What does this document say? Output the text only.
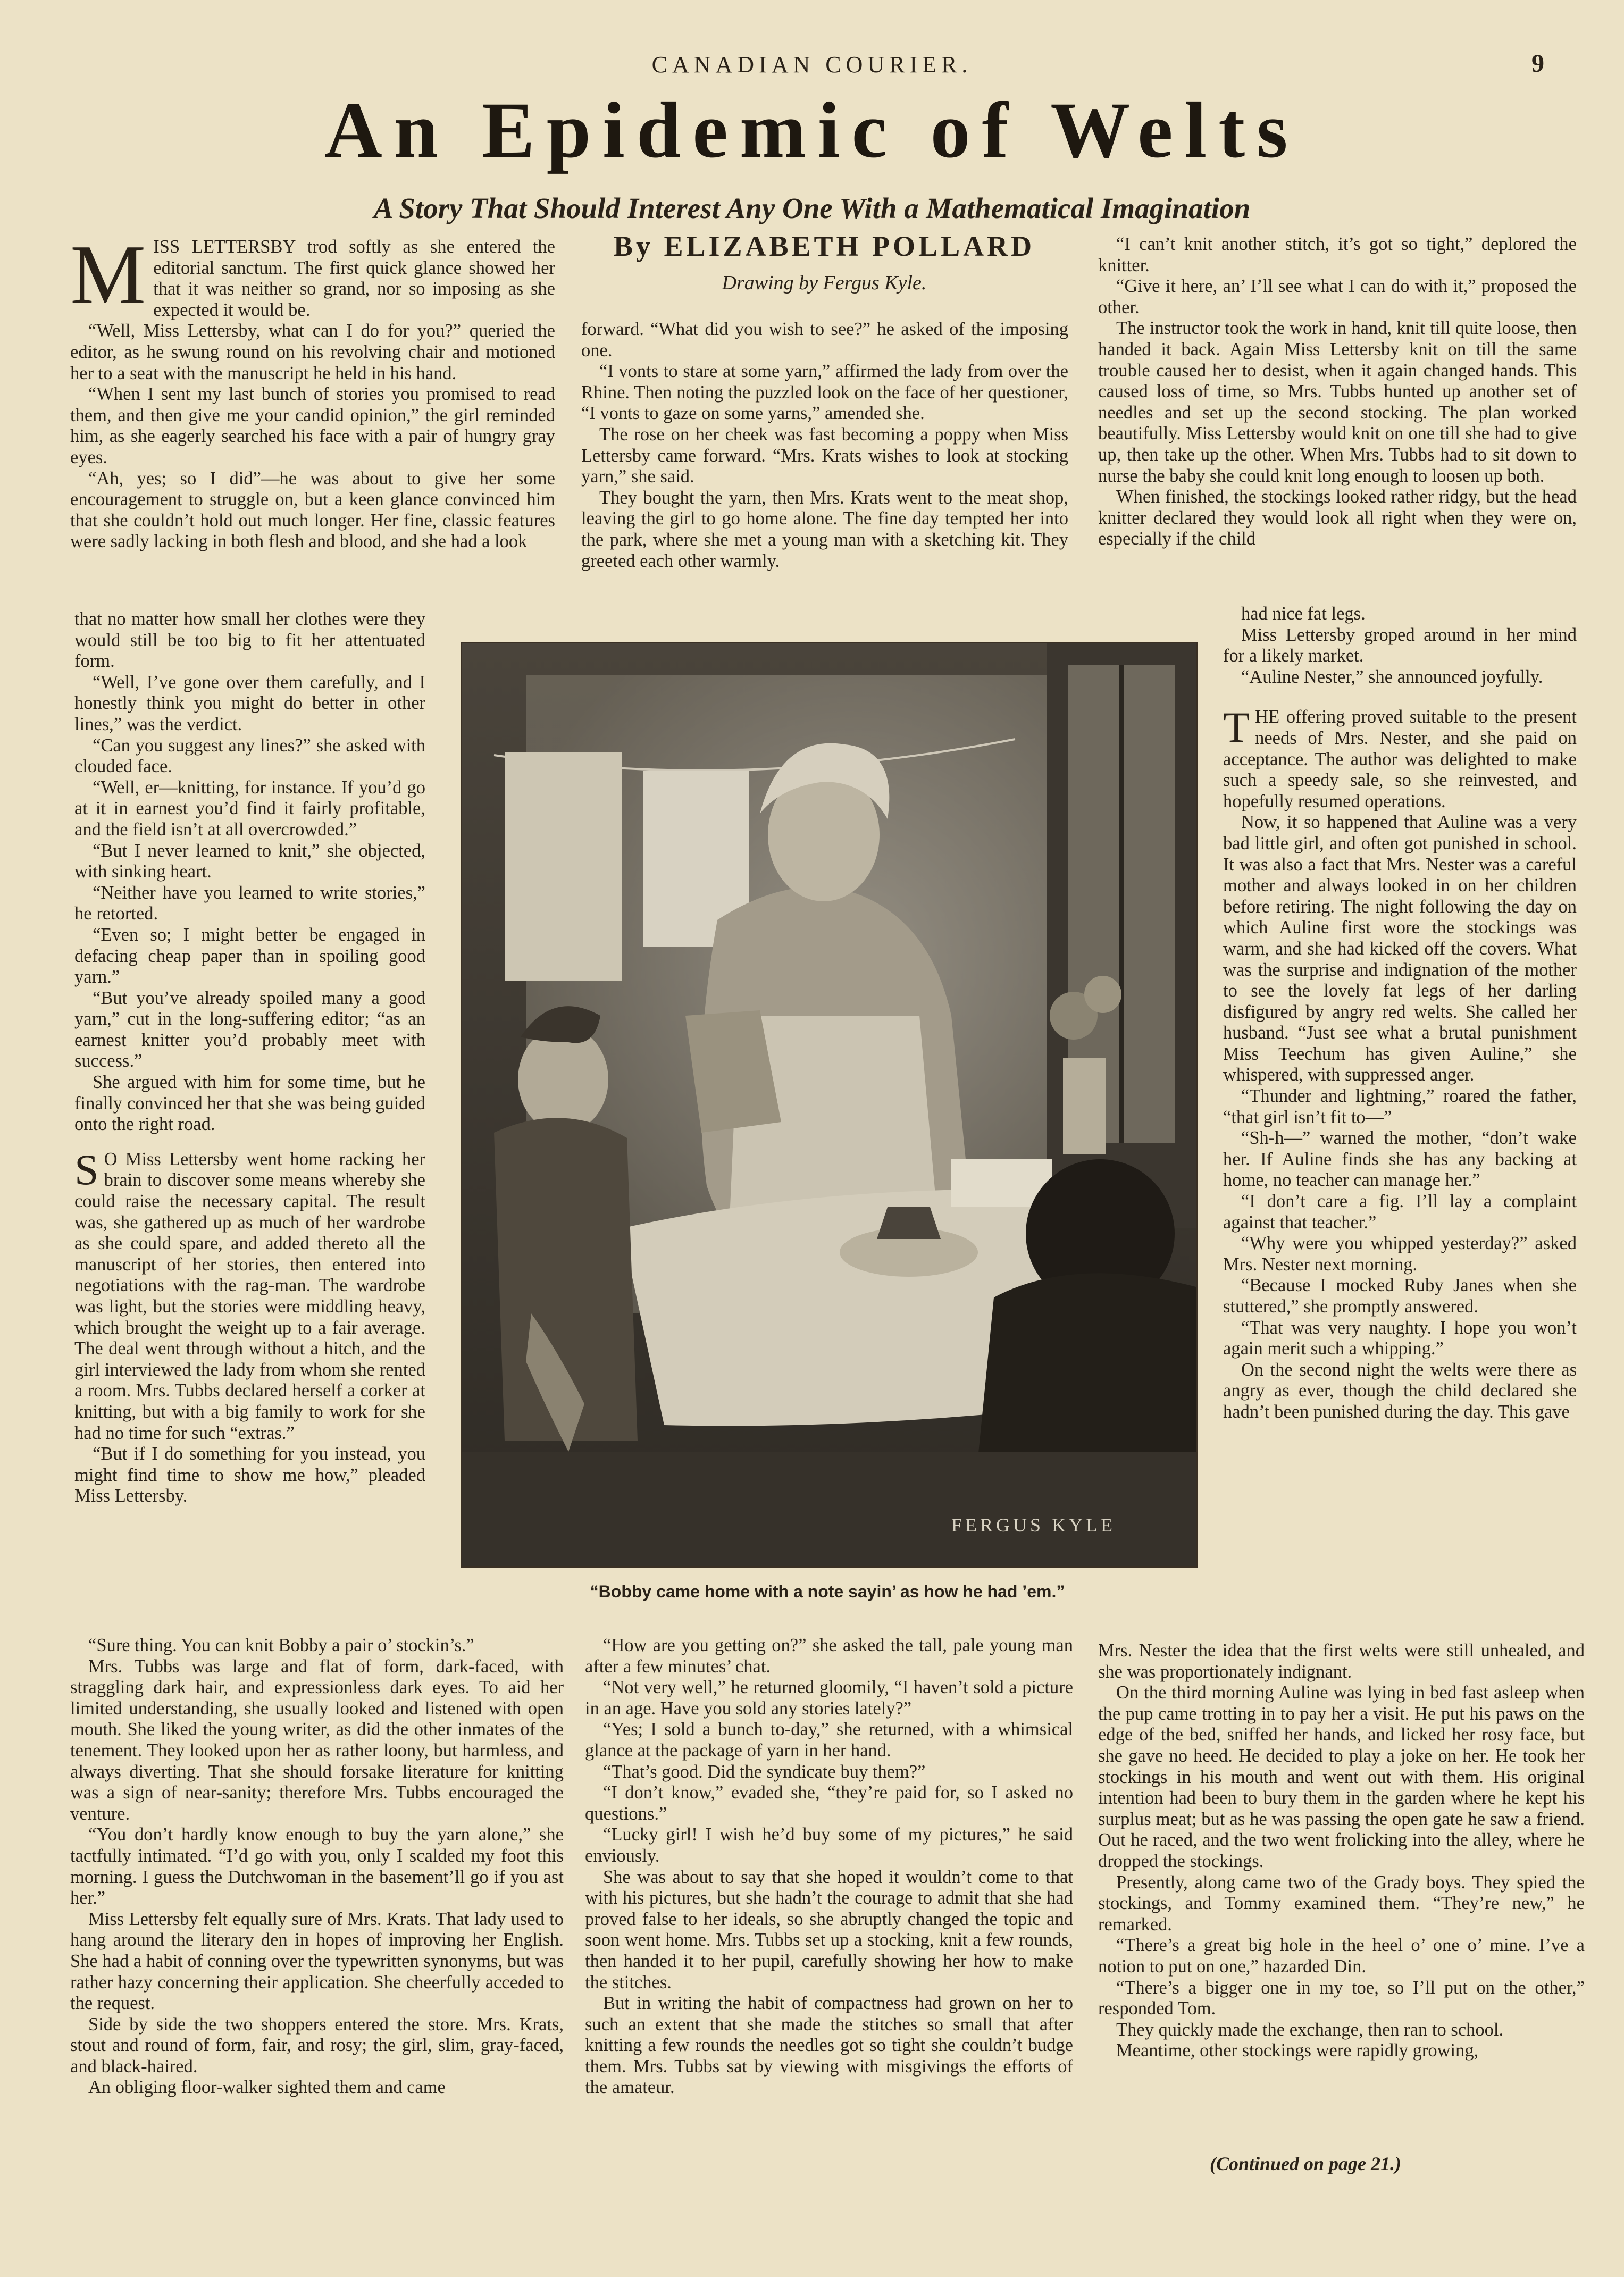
CANADIAN COURIER.	9
An Epidemic of Welts
A Story That Should Interest Any One With a Mathematical Imagination
By ELIZABETH POLLARD
Drawing by Fergus Kyle.
M ISS LETTERSBY trod softly as she entered the editorial sanctum. The first quick glance showed her that it was neither so grand, nor so imposing as she expected it would be.

“Well, Miss Lettersby, what can I do for you?” queried the editor, as he swung round on his revolving chair and motioned her to a seat with the manuscript he held in his hand.

“When I sent my last bunch of stories you promised to read them, and then give me your candid opinion,” the girl reminded him, as she eagerly searched his face with a pair of hungry gray eyes.

“Ah, yes; so I did”—he was about to give her some encouragement to struggle on, but a keen glance convinced him that she couldn’t hold out much longer. Her fine, classic features were sadly lacking in both flesh and blood, and she had a look

that no matter how small her clothes were they would still be too big to fit her attentuated form.

“Well, I’ve gone over them carefully, and I honestly think you might do better in other lines,” was the verdict.

“Can you suggest any lines?” she asked with clouded face.

“Well, er—knitting, for instance. If you’d go at it in earnest you’d find it fairly profitable, and the field isn’t at all overcrowded.”

“But I never learned to knit,” she objected, with sinking heart.

“Neither have you learned to write stories,” he retorted.

“Even so; I might better be engaged in defacing cheap paper than in spoiling good yarn.”

“But you’ve already spoiled many a good yarn,” cut in the long-suffering editor; “as an earnest knitter you’d probably meet with success.”

She argued with him for some time, but he finally convinced her that she was being guided onto the right road.

S O Miss Lettersby went home racking her brain to discover some means whereby she could raise the necessary capital. The result was, she gathered up as much of her wardrobe as she could spare, and added thereto all the manuscript of her stories, then entered into negotiations with the rag-man. The wardrobe was light, but the stories were middling heavy, which brought the weight up to a fair average. The deal went through without a hitch, and the girl interviewed the lady from whom she rented a room. Mrs. Tubbs declared herself a corker at knitting, but with a big family to work for she had no time for such “extras.”

“But if I do something for you instead, you might find time to show me how,” pleaded Miss Lettersby.

“Sure thing. You can knit Bobby a pair o’ stockin’s.”

Mrs. Tubbs was large and flat of form, dark-faced, with straggling dark hair, and expressionless dark eyes. To aid her limited understanding, she usually looked and listened with open mouth. She liked the young writer, as did the other inmates of the tenement. They looked upon her as rather loony, but harmless, and always diverting. That she should forsake literature for knitting was a sign of near-sanity; therefore Mrs. Tubbs encouraged the venture.

“You don’t hardly know enough to buy the yarn alone,” she tactfully intimated. “I’d go with you, only I scalded my foot this morning. I guess the Dutchwoman in the basement’ll go if you ast her.”

Miss Lettersby felt equally sure of Mrs. Krats. That lady used to hang around the literary den in hopes of improving her English. She had a habit of conning over the typewritten synonyms, but was rather hazy concerning their application. She cheerfully acceded to the request.

Side by side the two shoppers entered the store. Mrs. Krats, stout and round of form, fair, and rosy; the girl, slim, gray-faced, and black-haired.

An obliging floor-walker sighted them and came

forward. “What did you wish to see?” he asked of the imposing one.

“I vonts to stare at some yarn,” affirmed the lady from over the Rhine. Then noting the puzzled look on the face of her questioner, “I vonts to gaze on some yarns,” amended she.

The rose on her cheek was fast becoming a poppy when Miss Lettersby came forward. “Mrs. Krats wishes to look at stocking yarn,” she said.

They bought the yarn, then Mrs. Krats went to the meat shop, leaving the girl to go home alone. The fine day tempted her into the park, where she met a young man with a sketching kit. They greeted each other warmly.

“How are you getting on?” she asked the tall, pale young man after a few minutes’ chat.

“Not very well,” he returned gloomily, “I haven’t sold a picture in an age. Have you sold any stories lately?”

“Yes; I sold a bunch to-day,” she returned, with a whimsical glance at the package of yarn in her hand.

“That’s good. Did the syndicate buy them?”

“I don’t know,” evaded she, “they’re paid for, so I asked no questions.”

“Lucky girl! I wish he’d buy some of my pictures,” he said enviously.

She was about to say that she hoped it wouldn’t come to that with his pictures, but she hadn’t the courage to admit that she had proved false to her ideals, so she abruptly changed the topic and soon went home. Mrs. Tubbs set up a stocking, knit a few rounds, then handed it to her pupil, carefully showing her how to make the stitches.

But in writing the habit of compactness had grown on her to such an extent that she made the stitches so small that after knitting a few rounds the needles got so tight she couldn’t budge them. Mrs. Tubbs sat by viewing with misgivings the efforts of the amateur.

“I can’t knit another stitch, it’s got so tight,” deplored the knitter.

“Give it here, an’ I’ll see what I can do with it,” proposed the other.

The instructor took the work in hand, knit till quite loose, then handed it back. Again Miss Lettersby knit on till the same trouble caused her to desist, when it again changed hands. This caused loss of time, so Mrs. Tubbs hunted up another set of needles and set up the second stocking. The plan worked beautifully. Miss Lettersby would knit on one till she had to give up, then take up the other. When Mrs. Tubbs had to sit down to nurse the baby she could knit long enough to loosen up both.

When finished, the stockings looked rather ridgy, but the head knitter declared they would look all right when they were on, especially if the child

had nice fat legs.

Miss Lettersby groped around in her mind for a likely market.

“Auline Nester,” she announced joyfully.

T HE offering proved suitable to the present needs of Mrs. Nester, and she paid on acceptance. The author was delighted to make such a speedy sale, so she reinvested, and hopefully resumed operations.

Now, it so happened that Auline was a very bad little girl, and often got punished in school. It was also a fact that Mrs. Nester was a careful mother and always looked in on her children before retiring. The night following the day on which Auline first wore the stockings was warm, and she had kicked off the covers. What was the surprise and indignation of the mother to see the lovely fat legs of her darling disfigured by angry red welts. She called her husband. “Just see what a brutal punishment Miss Teechum has given Auline,” she whispered, with suppressed anger.

“Thunder and lightning,” roared the father, “that girl isn’t fit to—”

“Sh-h—” warned the mother, “don’t wake her. If Auline finds she has any backing at home, no teacher can manage her.”

“I don’t care a fig. I’ll lay a complaint against that teacher.”

“Why were you whipped yesterday?” asked Mrs. Nester next morning.

“Because I mocked Ruby Janes when she stuttered,” she promptly answered.

“That was very naughty. I hope you won’t again merit such a whipping.”

On the second night the welts were there as angry as ever, though the child declared she hadn’t been punished during the day. This gave

Mrs. Nester the idea that the first welts were still unhealed, and she was proportionately indignant.

On the third morning Auline was lying in bed fast asleep when the pup came trotting in to pay her a visit. He put his paws on the edge of the bed, sniffed her hands, and licked her rosy face, but she gave no heed. He decided to play a joke on her. He took her stockings in his mouth and went out with them. His original intention had been to bury them in the garden where he kept his surplus meat; but as he was passing the open gate he saw a friend. Out he raced, and the two went frolicking into the alley, where he dropped the stockings.

Presently, along came two of the Grady boys. They spied the stockings, and Tommy examined them. “They’re new,” he remarked.

“There’s a great big hole in the heel o’ one o’ mine. I’ve a notion to put on one,” hazarded Din.

“There’s a bigger one in my toe, so I’ll put on the other,” responded Tom.

They quickly made the exchange, then ran to school.

Meantime, other stockings were rapidly growing,

(Continued on page 21.)
FERGUS KYLE
“Bobby came home with a note sayin’ as how he had ’em.”
